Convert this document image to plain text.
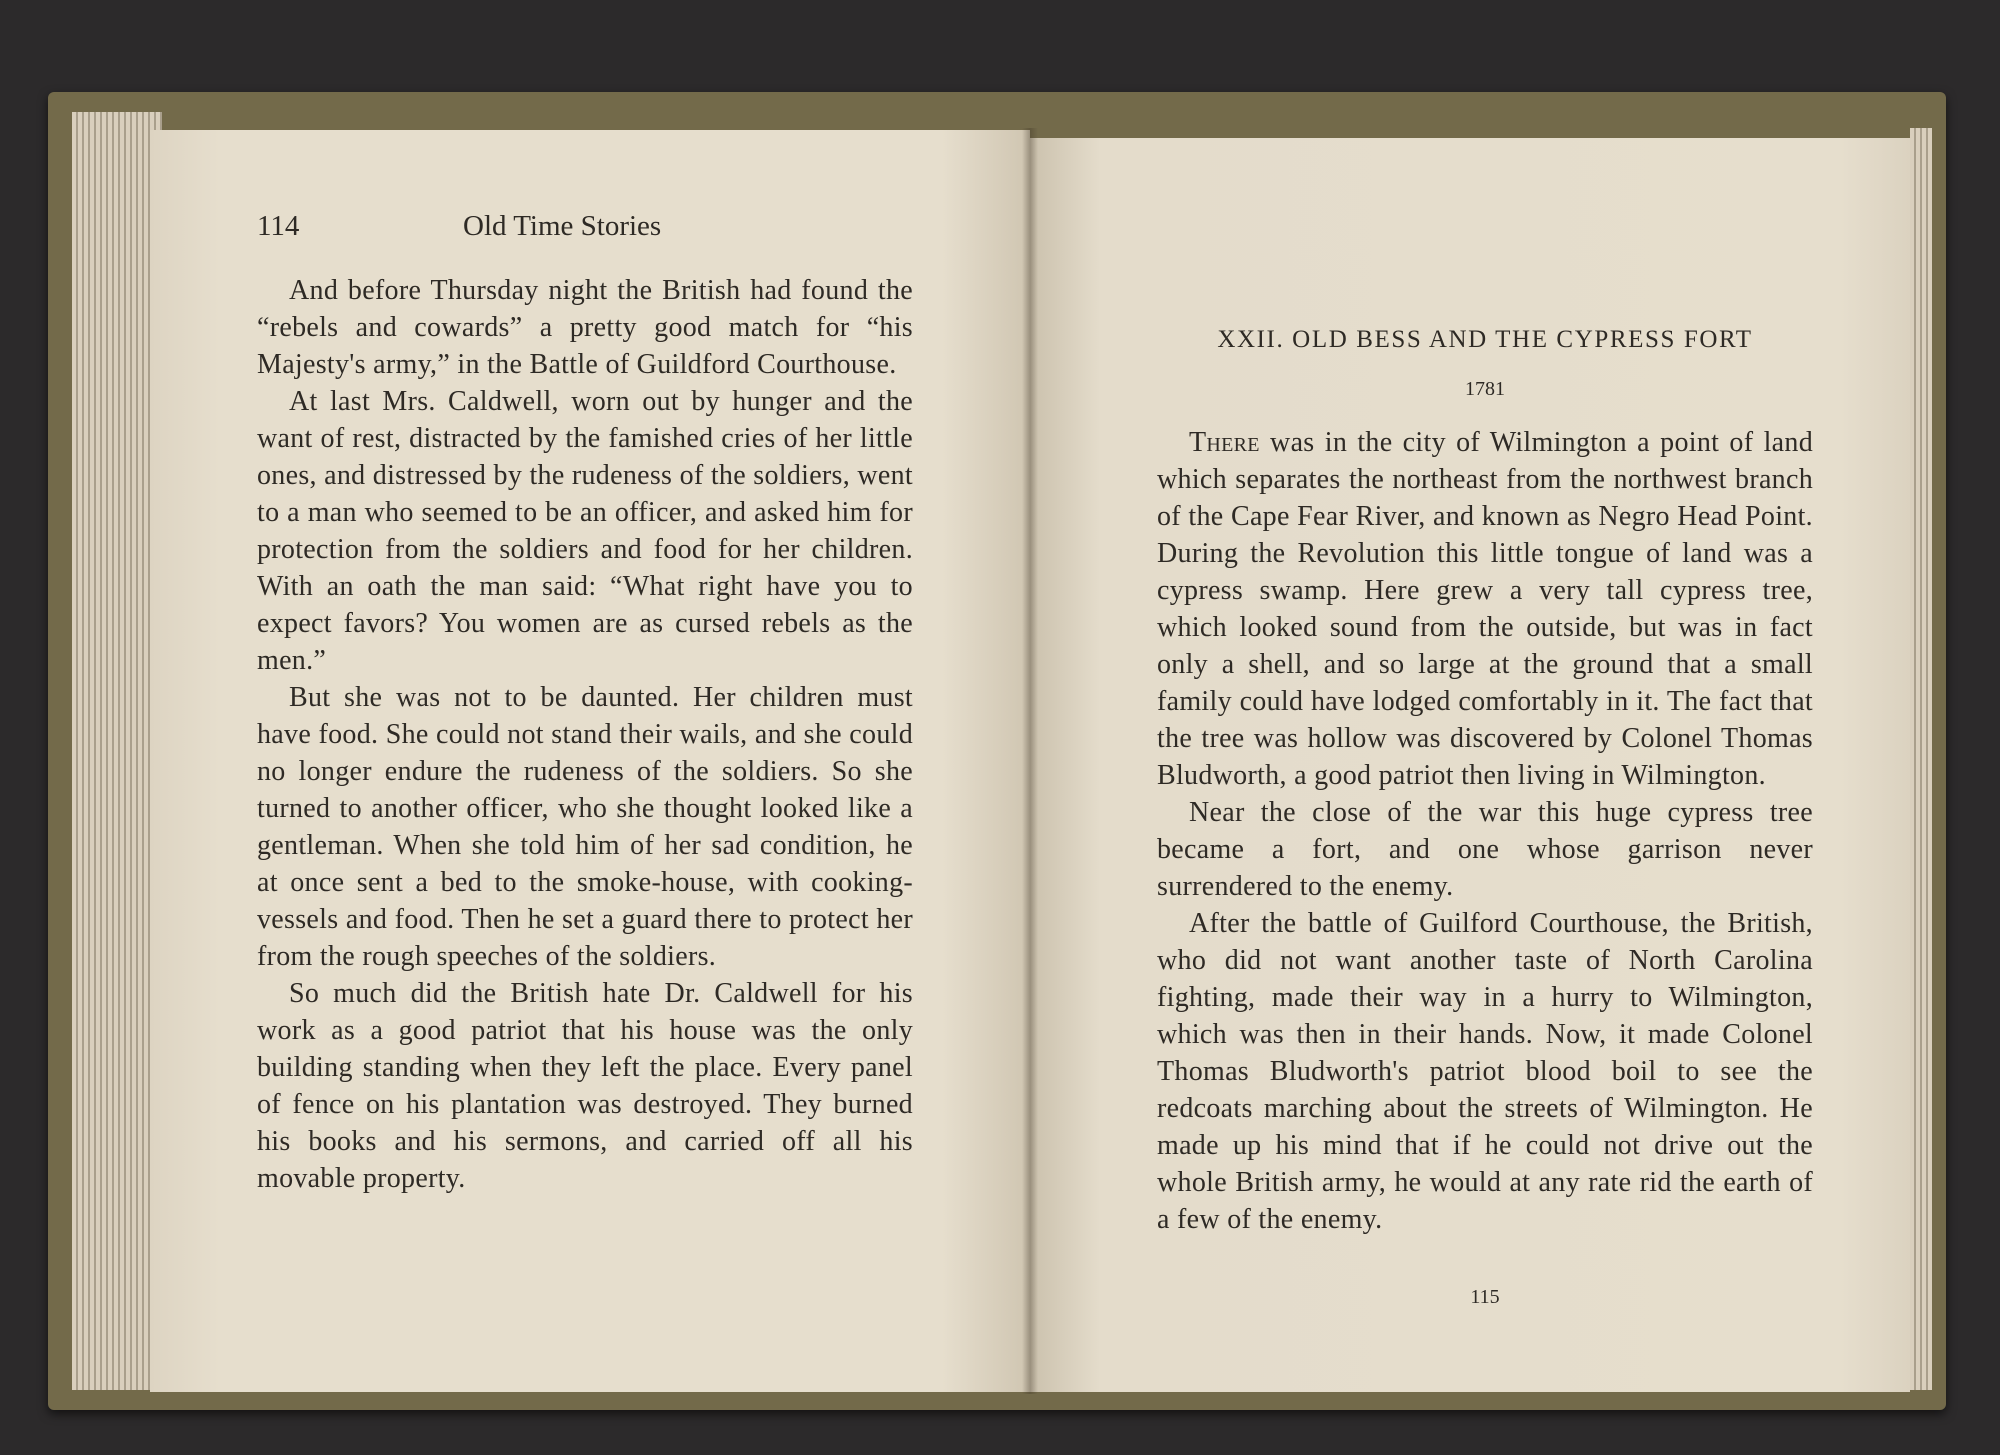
114	Old Time Stories

And before Thursday night the British had found the “rebels and cowards” a pretty good match for “his Majesty's army,” in the Battle of Guildford Courthouse.

At last Mrs. Caldwell, worn out by hunger and the want of rest, distracted by the famished cries of her little ones, and distressed by the rudeness of the soldiers, went to a man who seemed to be an officer, and asked him for protection from the soldiers and food for her children. With an oath the man said: “What right have you to expect favors? You women are as cursed rebels as the men.”

But she was not to be daunted. Her children must have food. She could not stand their wails, and she could no longer endure the rudeness of the soldiers. So she turned to another officer, who she thought looked like a gentleman. When she told him of her sad condition, he at once sent a bed to the smoke-house, with cooking-vessels and food. Then he set a guard there to protect her from the rough speeches of the soldiers.

So much did the British hate Dr. Caldwell for his work as a good patriot that his house was the only building standing when they left the place. Every panel of fence on his plantation was destroyed. They burned his books and his sermons, and carried off all his movable property.

XXII. OLD BESS AND THE CYPRESS FORT
1781

There was in the city of Wilmington a point of land which separates the northeast from the northwest branch of the Cape Fear River, and known as Negro Head Point. During the Revolution this little tongue of land was a cypress swamp. Here grew a very tall cypress tree, which looked sound from the outside, but was in fact only a shell, and so large at the ground that a small family could have lodged comfortably in it. The fact that the tree was hollow was discovered by Colonel Thomas Bludworth, a good patriot then living in Wilmington.

Near the close of the war this huge cypress tree became a fort, and one whose garrison never surrendered to the enemy.

After the battle of Guilford Courthouse, the British, who did not want another taste of North Carolina fighting, made their way in a hurry to Wilmington, which was then in their hands. Now, it made Colonel Thomas Bludworth's patriot blood boil to see the redcoats marching about the streets of Wilmington. He made up his mind that if he could not drive out the whole British army, he would at any rate rid the earth of a few of the enemy.

115
